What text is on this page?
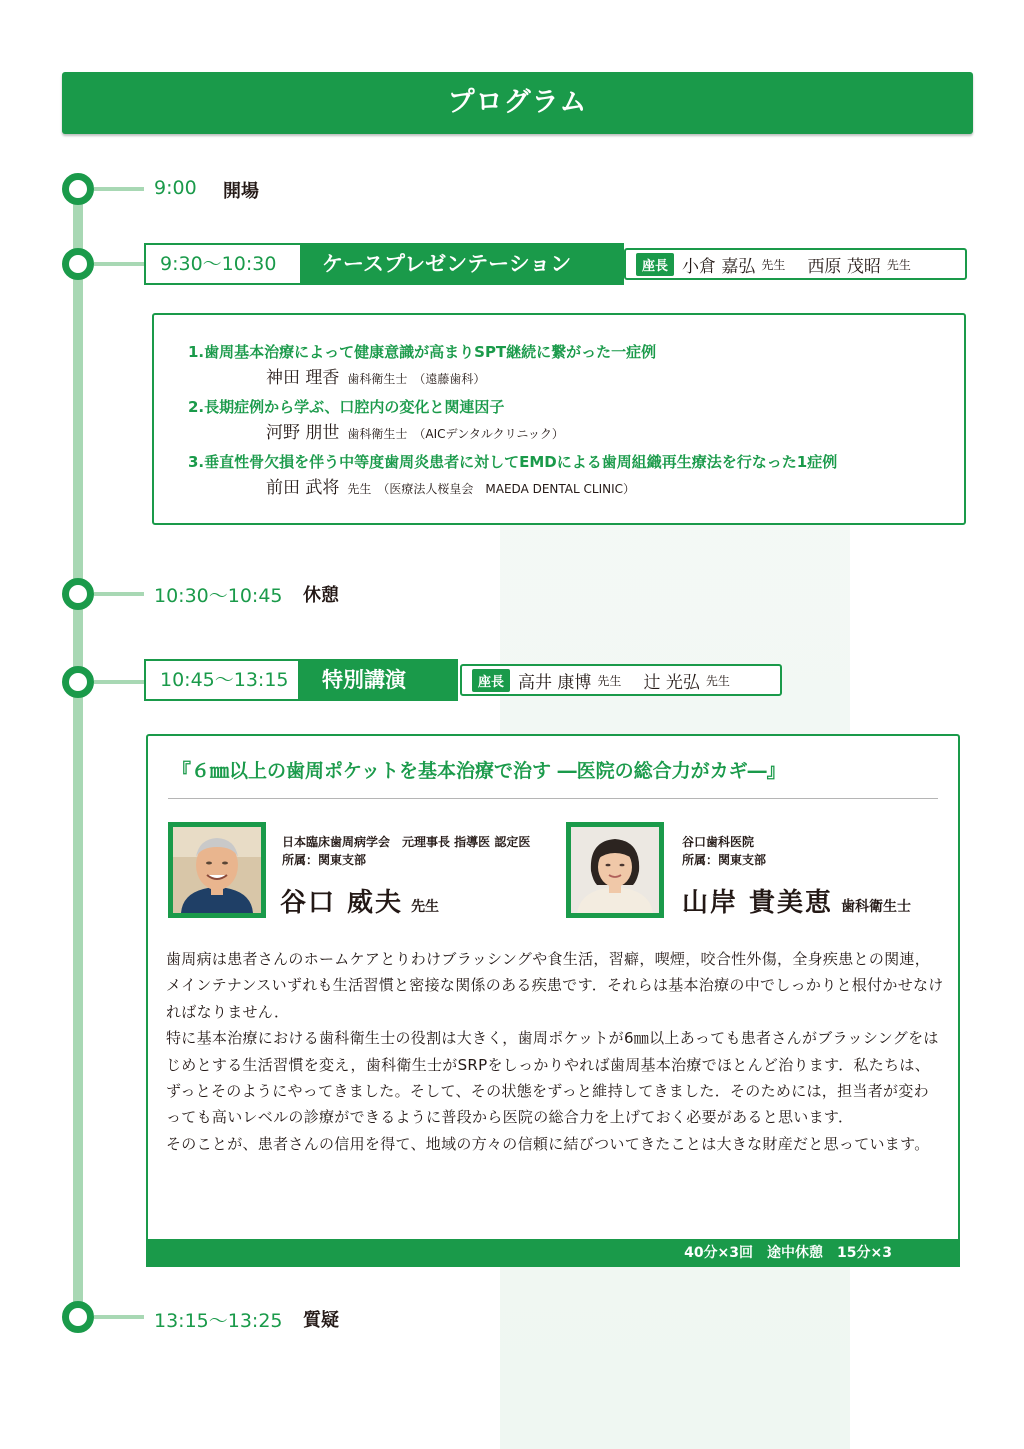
プログラム
9:00 開場
9:30〜10:30	ケースプレゼンテーション	座長 小倉 嘉弘 先生 西原 茂昭 先生
1.歯周基本治療によって健康意識が高まりSPT継続に繋がった一症例
神田 理香 歯科衛生士　（遠藤歯科）
2.長期症例から学ぶ、口腔内の変化と関連因子
河野 朋世 歯科衛生士　（AICデンタルクリニック）
3.垂直性骨欠損を伴う中等度歯周炎患者に対してEMDによる歯周組織再生療法を行なった1症例
前田 武将 先生　（医療法人桜皇会　MAEDA DENTAL CLINIC）
10:30〜10:45 休憩
10:45〜13:15	特別講演	座長 高井 康博 先生 辻 光弘 先生
『６㎜以上の歯周ポケットを基本治療で治す ―医院の総合力がカギ―』
日本臨床歯周病学会　元理事長 指導医 認定医
所属：関東支部
谷口 威夫 先生
谷口歯科医院
所属：関東支部
山岸 貴美恵 歯科衛生士
歯周病は患者さんのホームケアとりわけブラッシングや食生活，習癖，喫煙，咬合性外傷，全身疾患との関連，メインテナンスいずれも生活習慣と密接な関係のある疾患です．それらは基本治療の中でしっかりと根付かせなければなりません．
特に基本治療における歯科衛生士の役割は大きく，歯周ポケットが6㎜以上あっても患者さんがブラッシングをはじめとする生活習慣を変え，歯科衛生士がSRPをしっかりやれば歯周基本治療でほとんど治ります．私たちは、ずっとそのようにやってきました。そして、その状態をずっと維持してきました．そのためには，担当者が変わっても高いレベルの診療ができるように普段から医院の総合力を上げておく必要があると思います．
そのことが、患者さんの信用を得て、地域の方々の信頼に結びついてきたことは大きな財産だと思っています。
40分×3回　途中休憩　15分×3
13:15〜13:25 質疑
